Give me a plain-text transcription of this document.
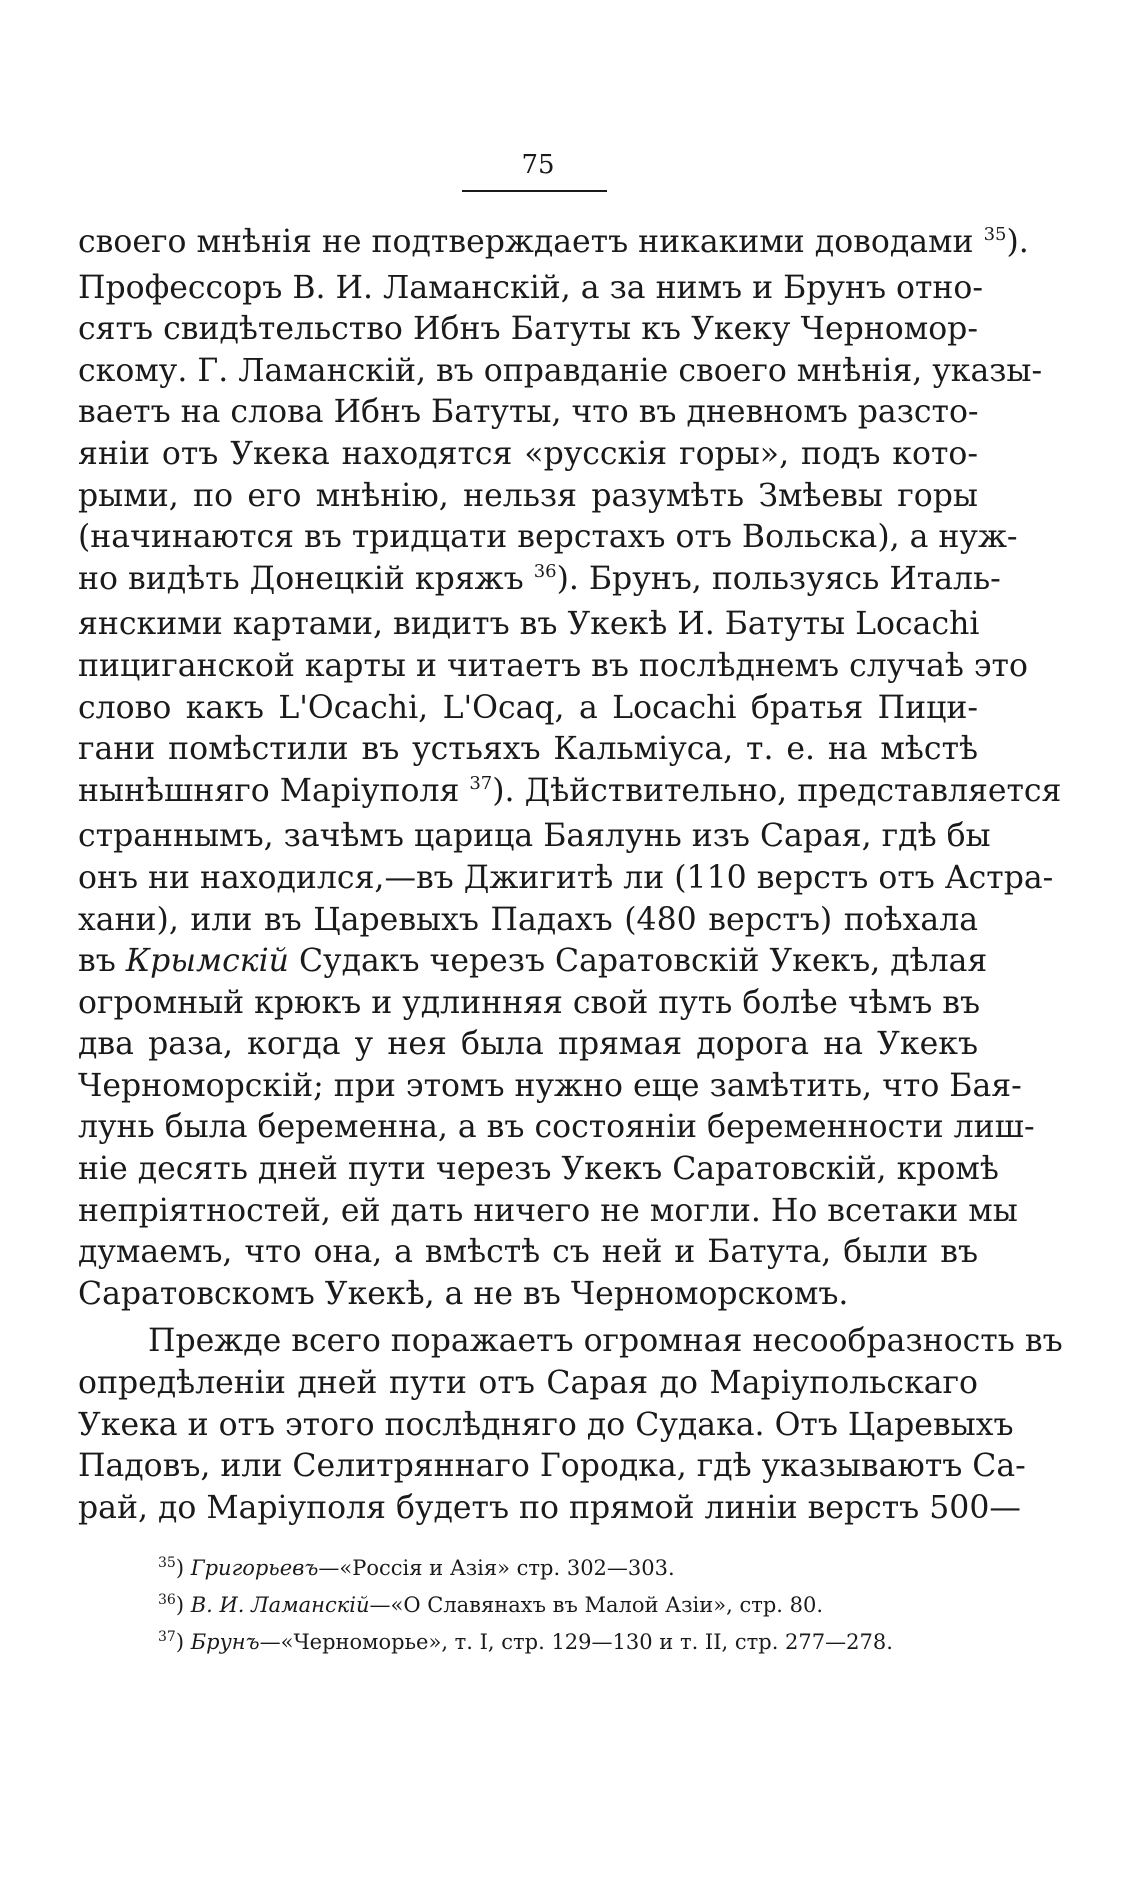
75
своего мнѣнія не подтверждаетъ никакими доводами $^{35}$).
Профессоръ В. И. Ламанскій, а за нимъ и Брунъ отно-
сятъ свидѣтельство Ибнъ Батуты къ Укеку Черномор-
скому. Г. Ламанскій, въ оправданіе своего мнѣнія, указы-
ваетъ на слова Ибнъ Батуты, что въ дневномъ разсто-
яніи отъ Укека находятся «русскія горы», подъ кото-
рыми, по его мнѣнію, нельзя разумѣть Змѣевы горы
(начинаются въ тридцати верстахъ отъ Вольска), а нуж-
но видѣть Донецкій кряжъ $^{36}$). Брунъ, пользуясь Италь-
янскими картами, видитъ въ Укекѣ И. Батуты Locachi
пициганской карты и читаетъ въ послѣднемъ случаѣ это
слово какъ L'Ocachi, L'Ocaq, а Locachi братья Пици-
гани помѣстили въ устьяхъ Кальміуса, т. е. на мѣстѣ
нынѣшняго Маріуполя $^{37}$). Дѣйствительно, представляется
страннымъ, зачѣмъ царица Баялунь изъ Сарая, гдѣ бы
онъ ни находился,—въ Джигитѣ ли (110 верстъ отъ Астра-
хани), или въ Царевыхъ Падахъ (480 верстъ) поѣхала
въ Крымскій Судакъ черезъ Саратовскій Укекъ, дѣлая
огромный крюкъ и удлинняя свой путь болѣе чѣмъ въ
два раза, когда у нея была прямая дорога на Укекъ
Черноморскій; при этомъ нужно еще замѣтить, что Бая-
лунь была беременна, а въ состояніи беременности лиш-
ніе десять дней пути черезъ Укекъ Саратовскій, кромѣ
непріятностей, ей дать ничего не могли. Но всетаки мы
думаемъ, что она, а вмѣстѣ съ ней и Батута, были въ
Саратовскомъ Укекѣ, а не въ Черноморскомъ.
Прежде всего поражаетъ огромная несообразность въ
опредѣленіи дней пути отъ Сарая до Маріупольскаго
Укека и отъ этого послѣдняго до Судака. Отъ Царевыхъ
Падовъ, или Селитряннаго Городка, гдѣ указываютъ Са-
рай, до Маріуполя будетъ по прямой линіи верстъ 500—
$^{35}$) Григорьевъ—«Россія и Азія» стр. 302—303.
$^{36}$) В. И. Ламанскій—«О Славянахъ въ Малой Азіи», стр. 80.
$^{37}$) Брунъ—«Черноморье», т. I, стр. 129—130 и т. II, стр. 277—278.
